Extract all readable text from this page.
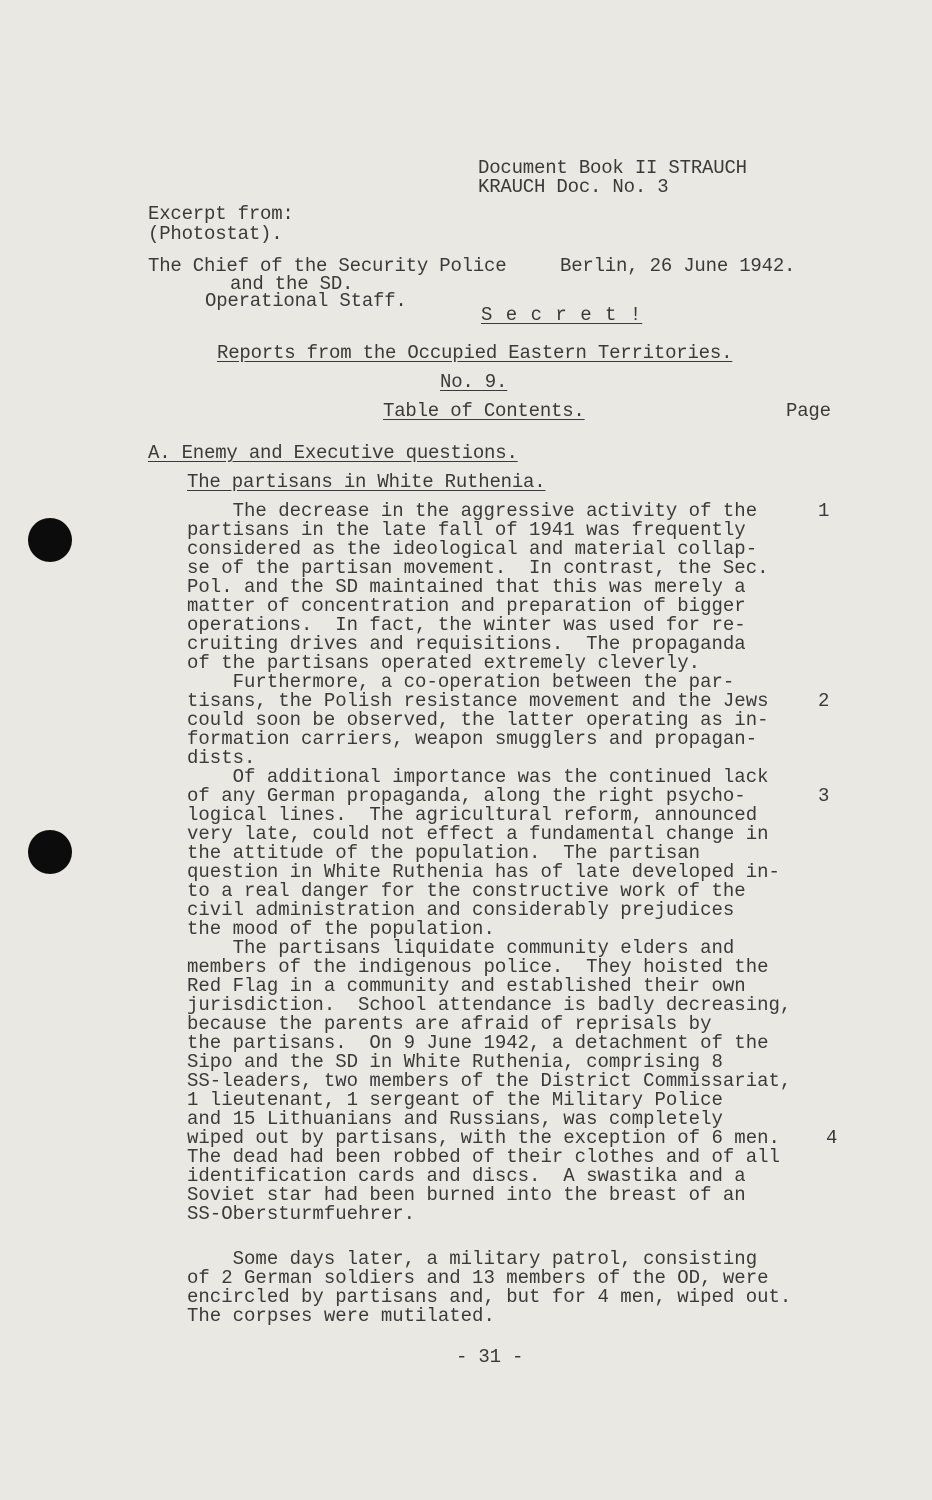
Document Book II STRAUCH
KRAUCH Doc. No. 3
Excerpt from:
(Photostat).
The Chief of the Security Police	Berlin, 26 June 1942.
and the SD.
Operational Staff.
S e c r e t !
Reports from the Occupied Eastern Territories.
No. 9.
Table of Contents.	Page
A. Enemy and Executive questions.
The partisans in White Ruthenia.
The decrease in the aggressive activity of the
partisans in the late fall of 1941 was frequently
considered as the ideological and material collap-
se of the partisan movement.  In contrast, the Sec.
Pol. and the SD maintained that this was merely a
matter of concentration and preparation of bigger
operations.  In fact, the winter was used for re-
cruiting drives and requisitions.  The propaganda
of the partisans operated extremely cleverly.
1
Furthermore, a co-operation between the par-
tisans, the Polish resistance movement and the Jews
could soon be observed, the latter operating as in-
formation carriers, weapon smugglers and propagan-
dists.
2
Of additional importance was the continued lack
of any German propaganda, along the right psycho-
logical lines.  The agricultural reform, announced
very late, could not effect a fundamental change in
the attitude of the population.  The partisan
question in White Ruthenia has of late developed in-
to a real danger for the constructive work of the
civil administration and considerably prejudices
the mood of the population.
3
The partisans liquidate community elders and
members of the indigenous police.  They hoisted the
Red Flag in a community and established their own
jurisdiction.  School attendance is badly decreasing,
because the parents are afraid of reprisals by
the partisans.  On 9 June 1942, a detachment of the
Sipo and the SD in White Ruthenia, comprising 8
SS-leaders, two members of the District Commissariat,
1 lieutenant, 1 sergeant of the Military Police
and 15 Lithuanians and Russians, was completely
wiped out by partisans, with the exception of 6 men.
The dead had been robbed of their clothes and of all
identification cards and discs.  A swastika and a
Soviet star had been burned into the breast of an
SS-Obersturmfuehrer.
4
Some days later, a military patrol, consisting
of 2 German soldiers and 13 members of the OD, were
encircled by partisans and, but for 4 men, wiped out.
The corpses were mutilated.
- 31 -
